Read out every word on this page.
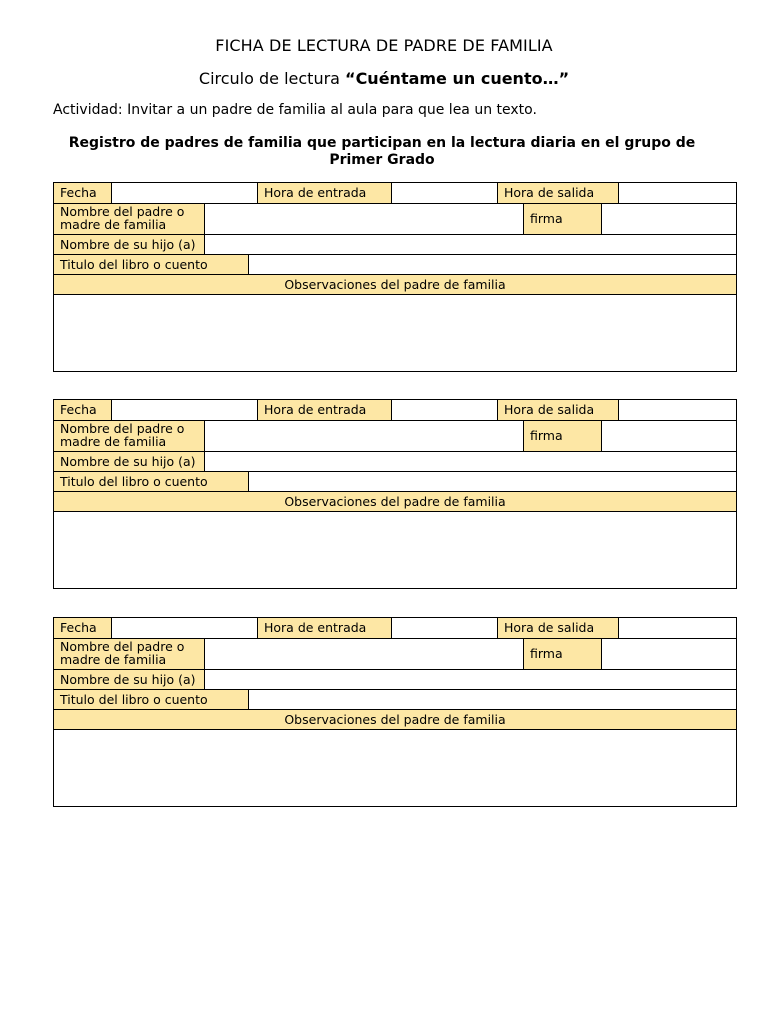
FICHA DE LECTURA DE PADRE DE FAMILIA
Circulo de lectura “Cuéntame un cuento…”
Actividad: Invitar a un padre de familia al aula para que lea un texto.
Registro de padres de familia que participan en la lectura diaria en el grupo de Primer Grado
Fecha	Hora de entrada	Hora de salida
Nombre del padre o
madre de familia	firma
Nombre de su hijo (a)
Titulo del libro o cuento
Observaciones del padre de familia
Fecha	Hora de entrada	Hora de salida
Nombre del padre o
madre de familia	firma
Nombre de su hijo (a)
Titulo del libro o cuento
Observaciones del padre de familia
Fecha	Hora de entrada	Hora de salida
Nombre del padre o
madre de familia	firma
Nombre de su hijo (a)
Titulo del libro o cuento
Observaciones del padre de familia
